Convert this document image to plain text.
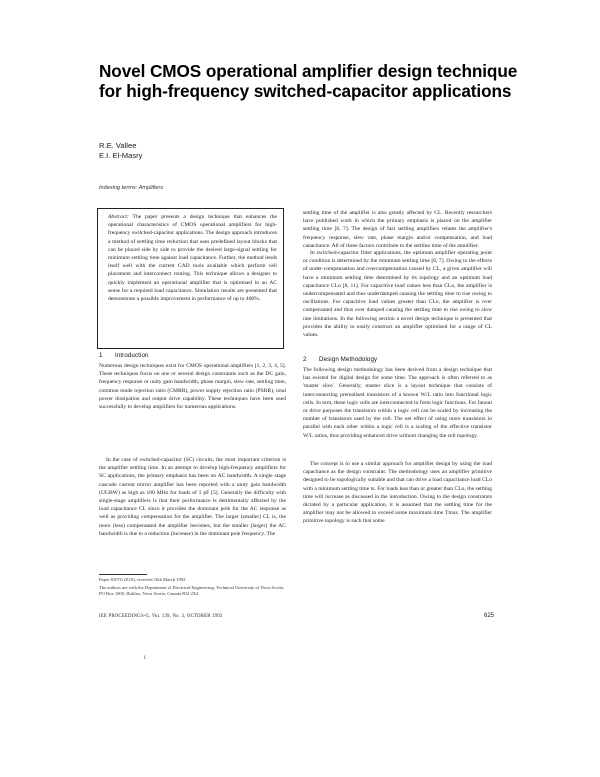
Novel CMOS operational amplifier design technique for high-frequency switched-capacitor applications
R.E. Vallee
E.I. El-Masry
Indexing terms: Amplifiers

Abstract: The paper presents a design technique that enhances the operational characteristics of CMOS operational amplifiers for high-frequency switched-capacitor applications. The design approach introduces a method of settling time reduction that uses predefined layout blocks that can be placed side by side to provide the desired large-signal settling for minimum settling time against load capacitance. Further, the method lends itself well with the current CAD tools available which perform cell placement and interconnect routing. This technique allows a designer to quickly implement an operational amplifier that is optimised in an AC sense for a required load capacitance. Simulation results are presented that demonstrate a possible improvement in performance of up to 400%.

1 Introduction

Numerous design techniques exist for CMOS operational amplifiers [1, 2, 3, 4, 5]. These techniques focus on one or several design constraints such as the DC gain, frequency response or unity gain bandwidth, phase margin, slew rate, settling time, common mode rejection ratio (CMRR), power supply rejection ratio (PSRR), total power dissipation and output drive capability. These techniques have been used successfully to develop amplifiers for numerous applications.

In the case of switched-capacitor (SC) circuits, the most important criterion is the amplifier settling time. In an attempt to develop high-frequency amplifiers for SC applications, the primary emphasis has been on AC bandwidth. A single stage cascode current mirror amplifier has been reported with a unity gain bandwidth (UGBW) as high as 100 MHz for loads of 1 pF [5]. Generally the difficulty with single-stage amplifiers is that their performance is detrimentally affected by the load capacitance CL since it provides the dominant pole for the AC response as well as providing compensation for the amplifier. The larger (smaller) CL is, the more (less) compensated the amplifier becomes, but the smaller (larger) the AC bandwidth is due to a reduction (increase) in the dominant pole frequency. The

Paper 8107G (E10), received 16th March 1992
The authors are with the Department of Electrical Engineering, Technical University of Nova Scotia, PO Box 1000, Halifax, Nova Scotia, Canada B3J 2X4

settling time of the amplifier is also greatly affected by CL. Recently researchers have published work in which the primary emphasis is placed on the amplifier settling time [6, 7]. The design of fast settling amplifiers relates the amplifier's frequency response, slew rate, phase margin and/or compensation, and load capacitance. All of these factors contribute to the settling time of the amplifier.

In switched-capacitor filter applications, the optimum amplifier operating point or condition is determined by the minimum settling time [6, 7]. Owing to the effects of under-compensation and overcompensation caused by CL, a given amplifier will have a minimum settling time determined by its topology and an optimum load capacitance CLo [8, 11]. For capacitive load values less than CLo, the amplifier is undercompensated and thus underdamped causing the settling time to rise owing to oscillations. For capacitive load values greater than CLo, the amplifier is over compensated and thus over damped causing the settling time to rise owing to slow rate limitations. In the following section a novel design technique is presented that provides the ability to easily construct an amplifier optimised for a range of CL values.

2 Design Methodology

The following design methodology has been derived from a design technique that has existed for digital design for some time. The approach is often referred to as 'master slice'. Generally, master slice is a layout technique that consists of interconnecting prerealised transistors of a known W/L ratio into functional logic cells. In turn, these logic cells are interconnected to form logic functions. For fanout or drive purposes the transistors within a logic cell can be scaled by increasing the number of transistors used by the cell. The net effect of using more transistors in parallel with each other within a logic cell is a scaling of the effective transistor W/L ratios, thus providing enhanced drive without changing the cell topology.

The concept is to use a similar approach for amplifier design by using the load capacitance as the design constraint. The methodology uses an amplifier primitive designed to be topologically suitable and that can drive a load capacitance load CLo with a minimum settling time ts. For loads less than or greater than CLo, the settling time will increase as discussed in the introduction. Owing to the design constraints dictated by a particular application, it is assumed that the settling time for the amplifier may not be allowed to exceed some maximum time Tmax. The amplifier primitive topology is such that some

IEE PROCEEDINGS-G, Vol. 139, No. 3, OCTOBER 1992	625
i
